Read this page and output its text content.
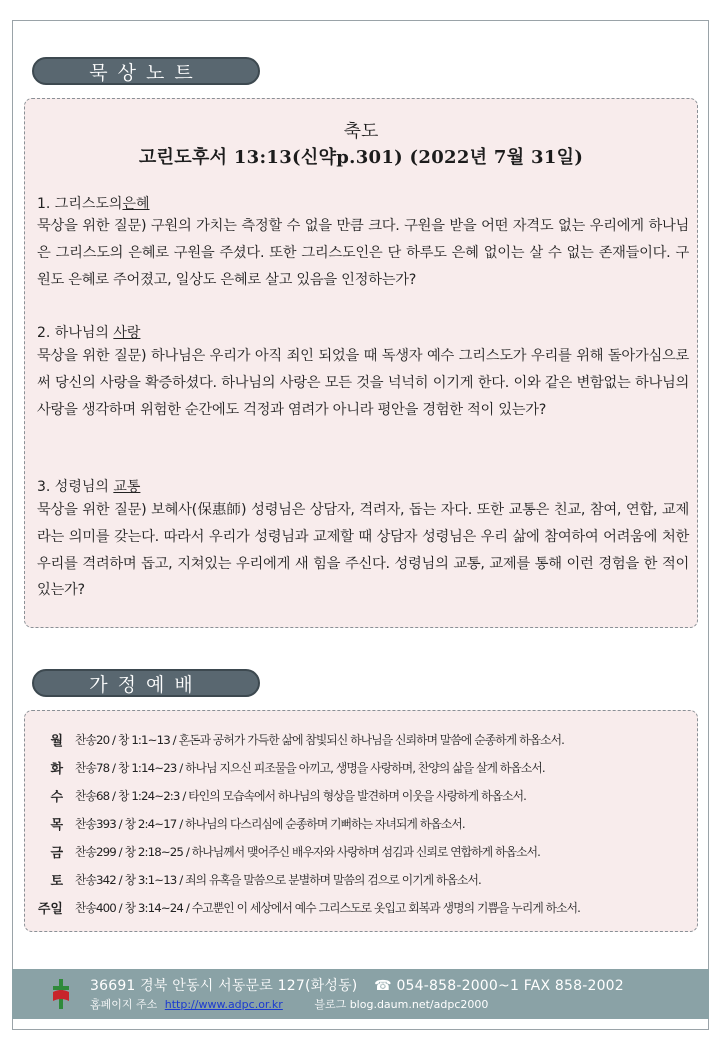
묵상노트
축도
고린도후서 13:13(신약p.301) (2022년 7월 31일)
1. 그리스도의은혜
묵상을 위한 질문) 구원의 가치는 측정할 수 없을 만큼 크다. 구원을 받을 어떤 자격도 없는 우리에게 하나님은 그리스도의 은혜로 구원을 주셨다. 또한 그리스도인은 단 하루도 은혜 없이는 살 수 없는 존재들이다. 구원도 은혜로 주어졌고, 일상도 은혜로 살고 있음을 인정하는가?
2. 하나님의 사랑
묵상을 위한 질문) 하나님은 우리가 아직 죄인 되었을 때 독생자 예수 그리스도가 우리를 위해 돌아가심으로써 당신의 사랑을 확증하셨다. 하나님의 사랑은 모든 것을 넉넉히 이기게 한다. 이와 같은 변함없는 하나님의 사랑을 생각하며 위험한 순간에도 걱정과 염려가 아니라 평안을 경험한 적이 있는가?
3. 성령님의 교통
묵상을 위한 질문) 보혜사(保惠師) 성령님은 상담자, 격려자, 돕는 자다. 또한 교통은 친교, 참여, 연합, 교제라는 의미를 갖는다. 따라서 우리가 성령님과 교제할 때 상담자 성령님은 우리 삶에 참여하여 어려움에 처한 우리를 격려하며 돕고, 지쳐있는 우리에게 새 힘을 주신다. 성령님의 교통, 교제를 통해 이런 경험을 한 적이 있는가?
가정예배
월 찬송20 / 창 1:1~13 / 혼돈과 공허가 가득한 삶에 참빛되신 하나님을 신뢰하며 말씀에 순종하게 하옵소서.
화 찬송78 / 창 1:14~23 / 하나님 지으신 피조물을 아끼고, 생명을 사랑하며, 찬양의 삶을 살게 하옵소서.
수 찬송68 / 창 1:24~2:3 / 타인의 모습속에서 하나님의 형상을 발견하며 이웃을 사랑하게 하옵소서.
목 찬송393 / 창 2:4~17 / 하나님의 다스리심에 순종하며 기뻐하는 자녀되게 하옵소서.
금 찬송299 / 창 2:18~25 / 하나님께서 맺어주신 배우자와 사랑하며 섬김과 신뢰로 연합하게 하옵소서.
토 찬송342 / 창 3:1~13 / 죄의 유혹을 말씀으로 분별하며 말씀의 검으로 이기게 하옵소서.
주일 찬송400 / 창 3:14~24 / 수고뿐인 이 세상에서 예수 그리스도로 옷입고 회복과 생명의 기쁨을 누리게 하소서.
36691 경북 안동시 서동문로 127(화성동) ☎ 054-858-2000~1 FAX 858-2002
홈페이지 주소 http://www.adpc.or.kr	블로그 blog.daum.net/adpc2000
